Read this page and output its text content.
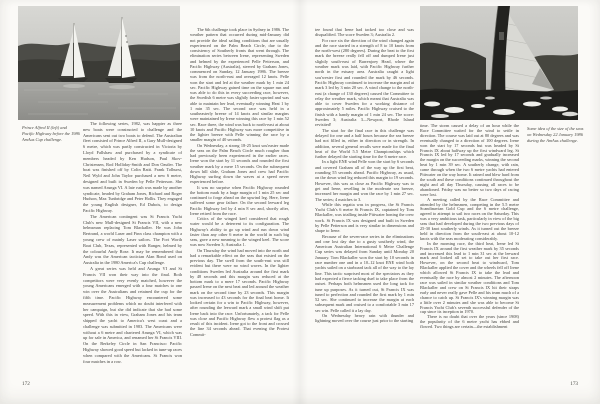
Prince Alfred II (left) and Pacific Highway before the 1986 AmAus Cup challenge.

The following series, 1982, was happier as three new boats were constructed to challenge and the Americans sent out two boats to defend. The Australian fleet consisted of Prince Alfred II, a Gary Mull-designed 6 metre, which was partly constructed in Victoria by Lloyd Fallshaw and purchased by a syndicate of members headed by Ken Hudson, Paul Skov-Christensen, Rod Holliday-Smith and Don Oastler. The boat was finished off by Colin Ratti. Frank Tolhurst, Neil Wyld and John Taylor purchased a new 6 metre, designed and built in Sweden by Pelle Petterson. She was named Arunga VI. A late rush was made by another syndicate, headed by Graham Jones, Richard and Roger Hudson, Max Tunbridge and Peter Hollis. They engaged the young English designer, Ed Dubois, to design Pacific Highway.

The American contingent was St Francis Yacht Club's new Mull-designed St Francis VII, with a new helmsman replacing Tom Blackaller. He was John Bertrand, a world Laser and Finn class champion with a young crew of mainly Laser sailors. The Fort Worth Boat Club, Texas, represented with Ranger, helmed by the colourful Andy Rose. It may be remembered that Andy was the American tactician Alan Bond used on Australia in the 1980 America's Cup challenge.

A great series was held and Arunga VI and St Francis VII won their way into the final. Both competitors were very evenly matched, however the young Americans emerged with a four matches to one win over the Australians and retained the cup for the fifth time. Pacific Highway encountered some measurement problems which no doubt interfered with her campaign, but she did indicate that she had some speed. With this in view, Graham Jones and his team shipped the yacht to America's west coast and a challenge was submitted in 1983. The Americans were without a 6 metre and chartered Arunga VI, which was up for sale in America, and renamed her St Francis VIII. On the Berkeley Circle in San Francisco Pacific Highway showed good speed but lacked in tune-up races when compared with the Americans. St Francis won four matches in a row.

The 6th challenge took place in Sydney in 1986. The weather pattern that occurred during mid-January did not provide the ideal sailing conditions that are usually experienced on the Palm Beach Circle, due to the consistency of Southerly fronts that went through. The elimination series between Irene, representing Sweden and helmed by the experienced Pelle Petterson, and Pacific Highway (Australia), steered by Graham Jones, commenced on Sunday, 12 January 1986. The breeze was from the north-east and averaged 12 knots. Pelle won the start and led at the weather mark by 1 min 24 sec. Pacific Highway gained time on the square run and was able to do this in every succeeding race, however, the Swedish 6 metre was slightly faster upwind and was able to maintain her lead, eventually winning Heat 1 by 1 min 35 sec. The second race was held in a southeasterly breeze of 14 knots and similar margins were maintained by Irene winning this race by 1 min 52 sec. Race three, the wind was back to north-east at about 10 knots and Pacific Highway was more competitive in the lighter breeze with Pelle winning the race by a smaller margin of 40 seconds.

On Wednesday, a strong 18-25 knot sou'easter made the seas on the Palm Beach Circle much rougher than had previously been experienced in the earlier races. Irene won the start by 11 seconds and rounded the first weather mark by a mere 15 seconds. On the subsequent down hill slide, Graham Jones and crew had Pacific Highway surfing down the waves at a speed never experienced before.

It was no surprise when Pacific Highway rounded the bottom mark by a huge margin of 1 min 25 sec and continued to forge ahead on the upwind leg. Here, Irene suffered some gear failure. On the second leeward leg Pacific Highway led by 4 min 8 sec and, shortly after, Irene retired from the race.

Critics of the winged keel considered that rough water would be a deterrent to its configuration. The Highway's ability to go up wind and run down wind faster than any other 6 metre in the world in such big seas, gave a new meaning to the winged keel. The score was now Sweden 3; Australia 1.

On Thursday the wind had moved into the north and had a remarkable effect on the seas that existed on the previous day. The swell from the south-east was still evident but there were no wind waves. In the lighter conditions Sweden led Australia around the first mark by 48 seconds and this margin was reduced at the bottom mark to a mere 17 seconds. Pacific Highway passed Irene on the next beat and led around the weather mark on the second time by 23 seconds. This margin was increased to 43 seconds for the final beat home. It looked certain for a win to Pacific Highway, however, after rounding the leeward mark a small wind shift put Irene back into the race. Unfortunately, a tack for Pelle was close and Pacific Highway flew a protest flag as a result of this incident. Irene got to the front and crossed the line 34 seconds ahead. That evening the Protest Commit-

172

tee found that Irene had tacked too close and was disqualified. The score Sweden 3; Australia 2.

For race six the direction of the wind changed again and the race started in a strength of 8 to 10 knots from the north-west (280 degrees). During the beat to the first mark the breeze really fell off and dumped Irene just slightly south-east of Barrenjoey Head, where the weather mark was laid, with Pacific Highway further north in the estuary area. Australia caught a light sou'wester first and rounded the mark by 46 seconds. Pacific Highway continued to increase the margin and at mark 3 led by 3 min 20 sec. A wind change to the north-east (a change of 130 degrees) caused the Committee to relay the weather mark, which meant that Australia was able to cover Sweden for a working distance of approximately 5 miles. Pacific Highway cruised to the finish with a handy margin of 1 min 24 sec. The score: Sweden 3; Australia 3—Newport, Rhode Island revisited!

The start for the final race in this challenge was delayed for one and a half hours because the sea breeze had not filled in, either in direction or in strength. In addition, several general recalls were made for the final heat of the World 5.5 Metre Championships which further delayed the starting time for the 6 metre race.

In a light ENE wind Pelle won the start by 6 seconds and covered Graham all of the way up the first beat, rounding 55 seconds ahead. Pacific Highway, as usual, on the down wind leg reduced this margin to 19 seconds. However, this was as close as Pacific Highway was to get and Irene, revelling in the moderate sea breeze, increased her margin and won the race by 1 min 27 sec. The series; 4 matches to 3.

While this regatta was in progress, the St Francis Yacht Club's 6 metre St Francis IX, captained by Tom Blackaller, was trialling inside Pittwater honing the crew work. St Francis IX was designed and built in Sweden by Pelle Petterson and is very similar in dimensions and shape to Irene.

Because of the seven-race series in the eliminations and one lost day due to a gusty southerly wind, the American Australian International 6 Metre Challenge Cup series was delayed from Sunday until Monday 20 January. Tom Blackaller won the start by 10 seconds in race number one and in a 10–12 knot ENE wind both yachts sailed on a starboard tack all of the way to the lay line. This tactic surprised most of the spectators as they had expected a fierce tacking duel to take place from the outset. Perhaps both helmsmen used the long tack for tune up purposes. As it turned out, St Francis IX was tuned to perfection and rounded the first mark by 1 min 52 sec. She continued to increase the margin at each subsequent mark and cruised to a comfortable 3 min 17 sec win. Pelle called it a lay day.

On Wednesday heavy rain with thunder and lightning moved over the course just prior to the starting

time. The storm caused a delay of an hour while the Race Committee waited for the wind to settle in direction. The course was laid out at 80 degrees and was eventually changed to a direction of 100 degrees. Irene won the start by 17 seconds but was headed by St Francis IX about halfway up the first windward leg. St Francis IX led by 17 seconds and gradually increased the margin on the succeeding marks, winning the second heat by 1 min 39 sec. A southerly change, with rain, came through when the two 6 metre yachts had entered Pittwater on the way home. It rained and blew hard from the south and these conditions continued throughout the night and all day Thursday, causing all races to be abandoned. Friday was no better so two days of racing were lost.

A meeting called by the Race Committee and attended by the helmsmen, competing in the 5.5 metre Scandinavian Gold Cup and the 6 metre challenge, agreed to attempt to sail two races on the Saturday. This was a very ambitious task, particularly in view of the big seas that had developed during the two previous days of 25-30 knot southerly winds. As it turned out the breeze held in direction from the south-east at about 10-12 knots with the seas moderating considerably.

In the morning race, the third heat, Irene led St Francis IX around the first weather mark by 35 seconds and increased this lead to 1 min 31 sec at the leeward mark and looked all set to take out her first race. However, on the second beat to windward, Tom Blackaller applied the cover and the wheels fell off Irene which allowed St Francis IX to take the lead and eventually the race by almost 2 minutes. The afternoon race was sailed in similar weather conditions and Tom Blackaller and crew on St Francis IX hit their straps early and never really gave Pelle and his team much of a chance to catch up. St Francis IX's winning margin was a little over 2 minutes and she was able to become St Francis Yacht Club's seventh successful defender of the cup since its inception in 1970.

There is no doubt that over the years (since 1908) the popularity of the 6 metre yacht has ebbed and flowed. Two things are certain—the establishment

Some idea of the size of the seas on Wednesday 22 January 1986 during the AmAus challenge.
173
